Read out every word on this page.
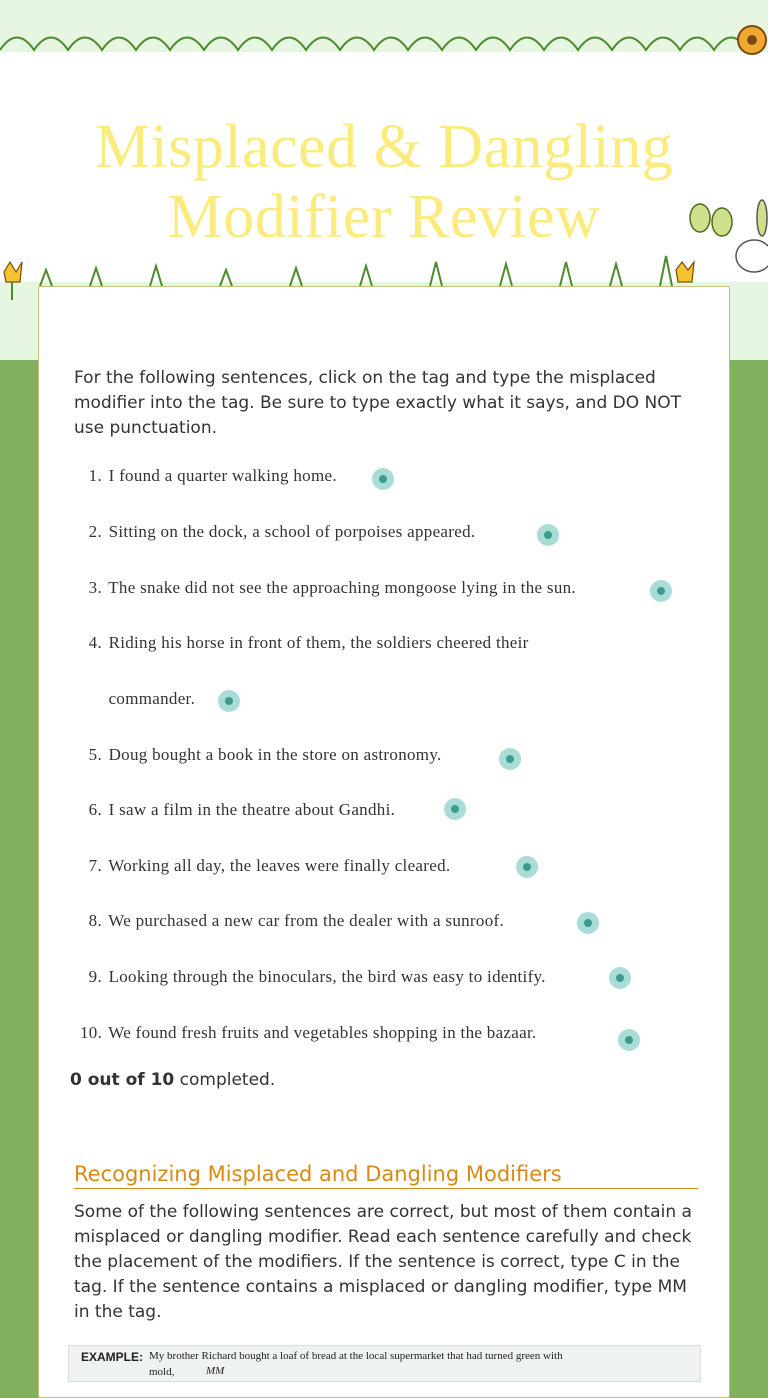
Misplaced & Dangling Modifier Review
For the following sentences, click on the tag and type the misplaced modifier into the tag. Be sure to type exactly what it says, and DO NOT use punctuation.
1. I found a quarter walking home.
2. Sitting on the dock, a school of porpoises appeared.
3. The snake did not see the approaching mongoose lying in the sun.
4. Riding his horse in front of them, the soldiers cheered their
commander.
5. Doug bought a book in the store on astronomy.
6. I saw a film in the theatre about Gandhi.
7. Working all day, the leaves were finally cleared.
8. We purchased a new car from the dealer with a sunroof.
9. Looking through the binoculars, the bird was easy to identify.
10. We found fresh fruits and vegetables shopping in the bazaar.
0 out of 10 completed.
Recognizing Misplaced and Dangling Modifiers
Some of the following sentences are correct, but most of them contain a misplaced or dangling modifier. Read each sentence carefully and check the placement of the modifiers. If the sentence is correct, type C in the tag. If the sentence contains a misplaced or dangling modifier, type MM in the tag.
EXAMPLE: My brother Richard bought a loaf of bread at the local supermarket that had turned green with
mold,	MM
